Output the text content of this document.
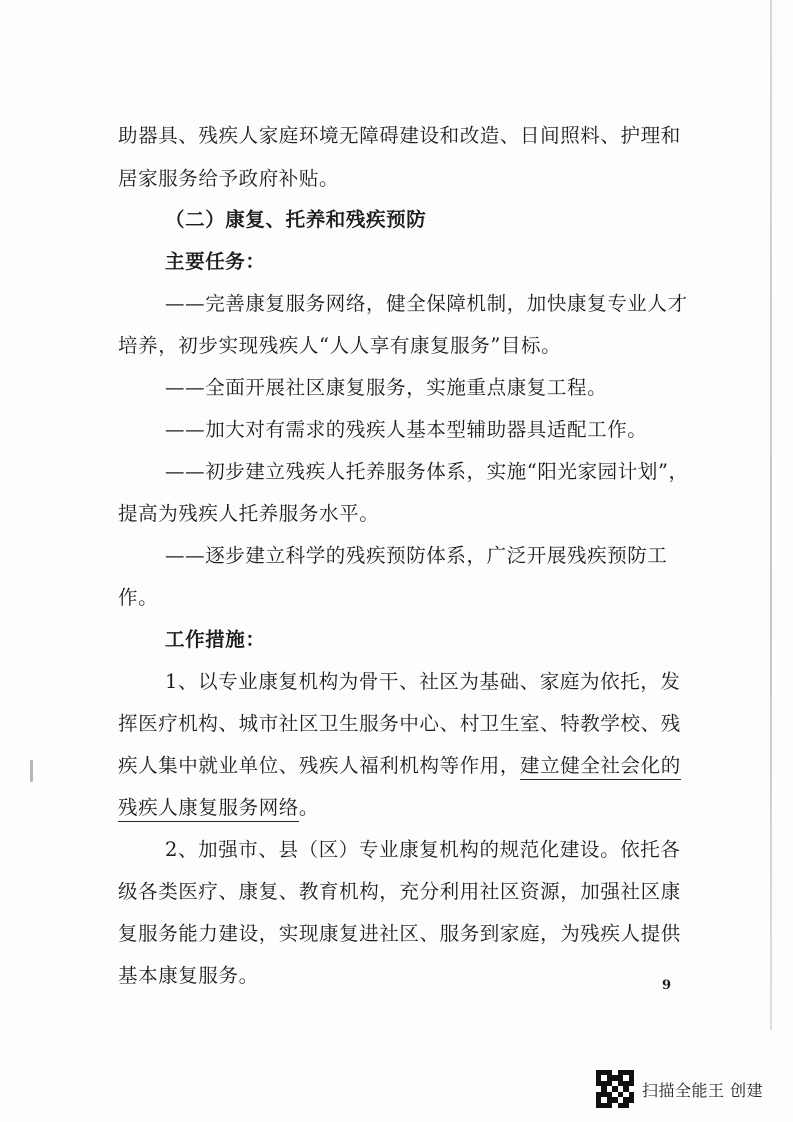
助器具、残疾人家庭环境无障碍建设和改造、日间照料、护理和
居家服务给予政府补贴。
（二）康复、托养和残疾预防
主要任务：
——完善康复服务网络，健全保障机制，加快康复专业人才
培养，初步实现残疾人“人人享有康复服务”目标。
——全面开展社区康复服务，实施重点康复工程。
——加大对有需求的残疾人基本型辅助器具适配工作。
——初步建立残疾人托养服务体系，实施“阳光家园计划”，
提高为残疾人托养服务水平。
——逐步建立科学的残疾预防体系，广泛开展残疾预防工
作。
工作措施：
1、以专业康复机构为骨干、社区为基础、家庭为依托，发
挥医疗机构、城市社区卫生服务中心、村卫生室、特教学校、残
疾人集中就业单位、残疾人福利机构等作用，建立健全社会化的
残疾人康复服务网络。
2、加强市、县（区）专业康复机构的规范化建设。依托各
级各类医疗、康复、教育机构，充分利用社区资源，加强社区康
复服务能力建设，实现康复进社区、服务到家庭，为残疾人提供
基本康复服务。	9
扫描全能王 创建
